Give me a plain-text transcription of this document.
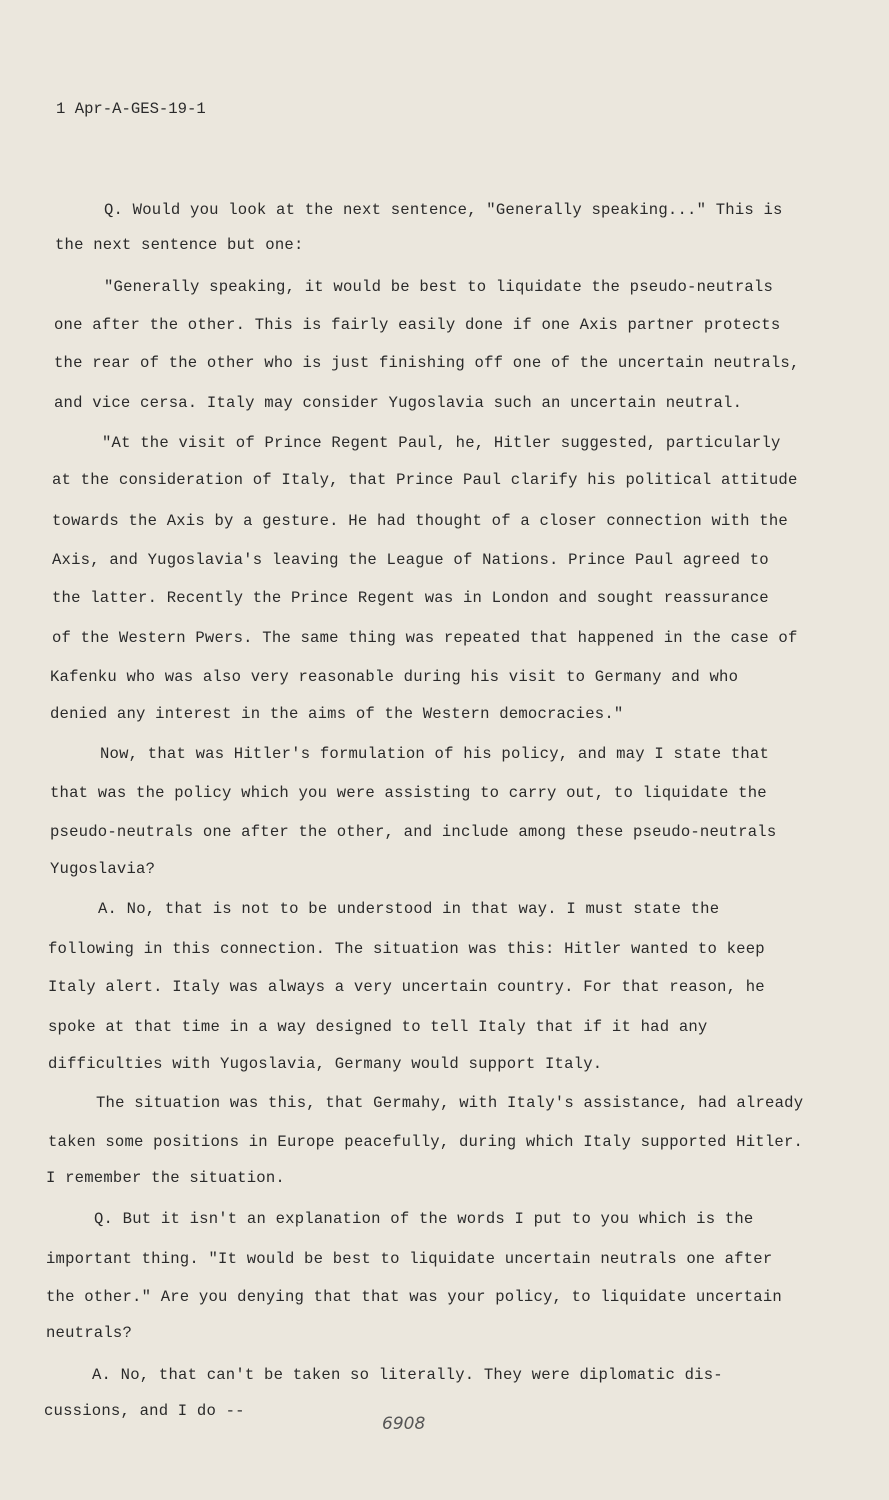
1 Apr-A-GES-19-1
Q. Would you look at the next sentence, "Generally speaking..." This is
the next sentence but one:
"Generally speaking, it would be best to liquidate the pseudo-neutrals
one after the other. This is fairly easily done if one Axis partner protects
the rear of the other who is just finishing off one of the uncertain neutrals,
and vice cersa. Italy may consider Yugoslavia such an uncertain neutral.
"At the visit of Prince Regent Paul, he, Hitler suggested, particularly
at the consideration of Italy, that Prince Paul clarify his political attitude
towards the Axis by a gesture. He had thought of a closer connection with the
Axis, and Yugoslavia's leaving the League of Nations. Prince Paul agreed to
the latter. Recently the Prince Regent was in London and sought reassurance
of the Western Pwers. The same thing was repeated that happened in the case of
Kafenku who was also very reasonable during his visit to Germany and who
denied any interest in the aims of the Western democracies."
Now, that was Hitler's formulation of his policy, and may I state that
that was the policy which you were assisting to carry out, to liquidate the
pseudo-neutrals one after the other, and include among these pseudo-neutrals
Yugoslavia?
A. No, that is not to be understood in that way. I must state the
following in this connection. The situation was this: Hitler wanted to keep
Italy alert. Italy was always a very uncertain country. For that reason, he
spoke at that time in a way designed to tell Italy that if it had any
difficulties with Yugoslavia, Germany would support Italy.
The situation was this, that Germahy, with Italy's assistance, had already
taken some positions in Europe peacefully, during which Italy supported Hitler.
I remember the situation.
Q. But it isn't an explanation of the words I put to you which is the
important thing. "It would be best to liquidate uncertain neutrals one after
the other." Are you denying that that was your policy, to liquidate uncertain
neutrals?
A. No, that can't be taken so literally. They were diplomatic dis-
cussions, and I do --
6908
